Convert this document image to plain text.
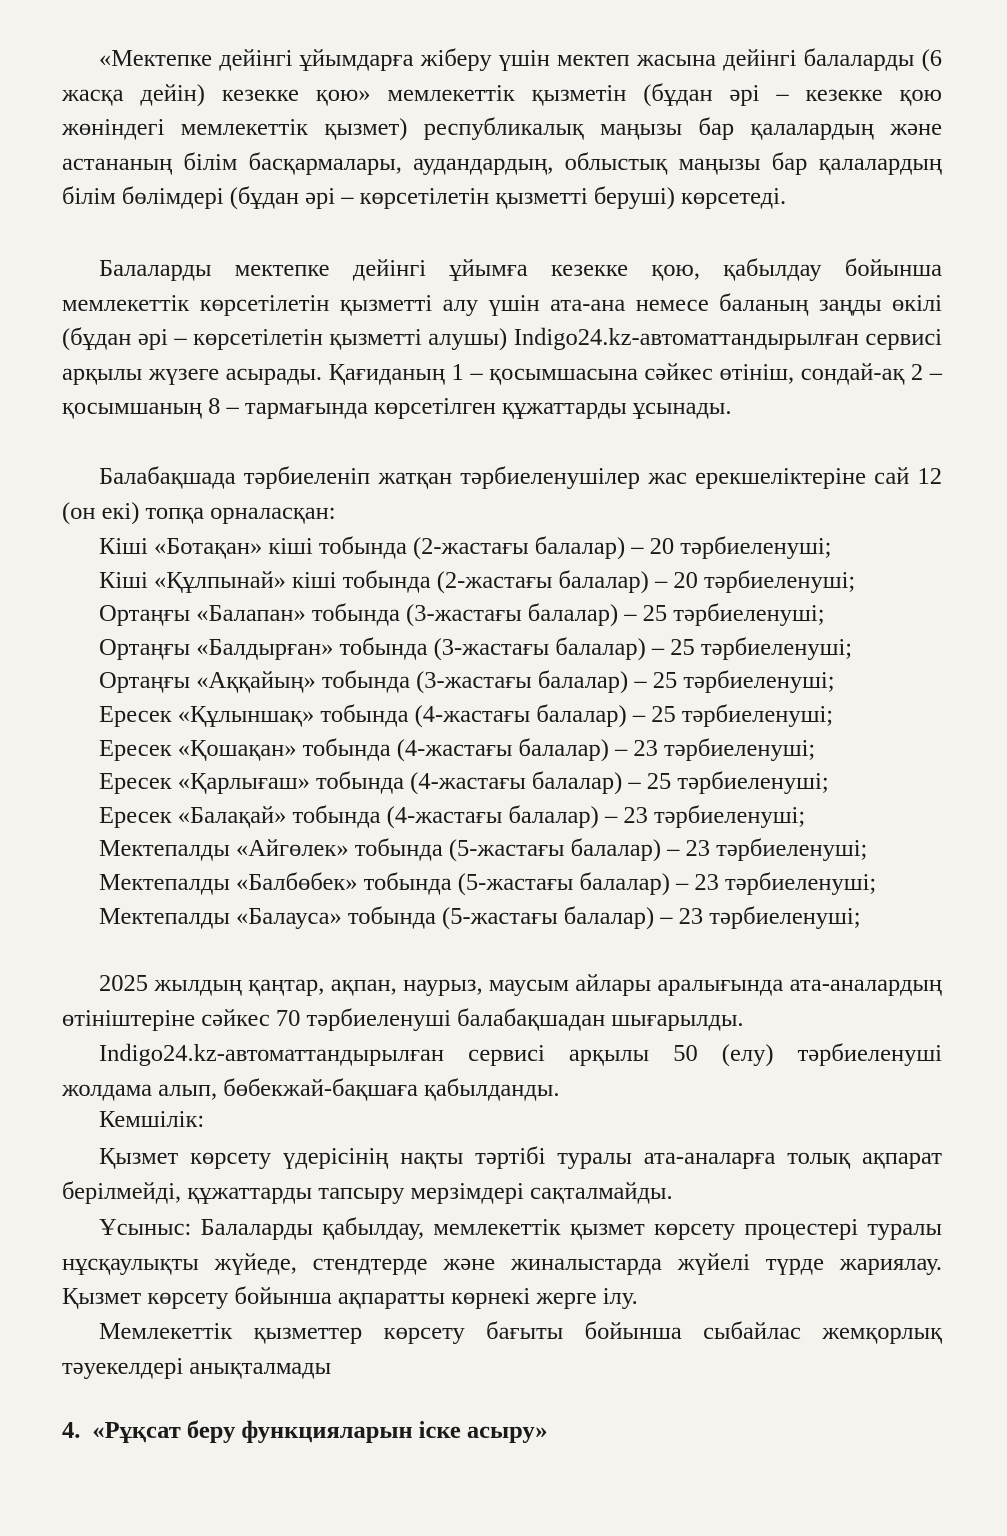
«Мектепке дейінгі ұйымдарға жіберу үшін мектеп жасына дейінгі балаларды (6 жасқа дейін) кезекке қою» мемлекеттік қызметін (бұдан әрі – кезекке қою жөніндегі мемлекеттік қызмет) республикалық маңызы бар қалалардың және астананың білім басқармалары, аудандардың, облыстық маңызы бар қалалардың білім бөлімдері (бұдан әрі – көрсетілетін қызметті беруші) көрсетеді.

Балаларды мектепке дейінгі ұйымға кезекке қою, қабылдау бойынша мемлекеттік көрсетілетін қызметті алу үшін ата-ана немесе баланың заңды өкілі (бұдан әрі – көрсетілетін қызметті алушы) Indigo24.kz-автоматтандырылған сервисі арқылы жүзеге асырады. Қағиданың 1 – қосымшасына сәйкес өтініш, сондай-ақ 2 – қосымшаның 8 – тармағында көрсетілген құжаттарды ұсынады.

Балабақшада тәрбиеленіп жатқан тәрбиеленушілер жас ерекшеліктеріне сай 12 (он екі) топқа орналасқан:

Кіші «Ботақан» кіші тобында (2-жастағы балалар) – 20 тәрбиеленуші;
Кіші «Құлпынай» кіші тобында (2-жастағы балалар) – 20 тәрбиеленуші;
Ортаңғы «Балапан» тобында (3-жастағы балалар) – 25 тәрбиеленуші;
Ортаңғы «Балдырған» тобында (3-жастағы балалар) – 25 тәрбиеленуші;
Ортаңғы «Аққайың» тобында (3-жастағы балалар) – 25 тәрбиеленуші;
Ересек «Құлыншақ» тобында (4-жастағы балалар) – 25 тәрбиеленуші;
Ересек «Қошақан» тобында (4-жастағы балалар) – 23 тәрбиеленуші;
Ересек «Қарлығаш» тобында (4-жастағы балалар) – 25 тәрбиеленуші;
Ересек «Балақай» тобында (4-жастағы балалар) – 23 тәрбиеленуші;
Мектепалды «Айгөлек» тобында (5-жастағы балалар) – 23 тәрбиеленуші;
Мектепалды «Балбөбек» тобында (5-жастағы балалар) – 23 тәрбиеленуші;
Мектепалды «Балауса» тобында (5-жастағы балалар) – 23 тәрбиеленуші;

2025 жылдың қаңтар, ақпан, наурыз, маусым айлары аралығында ата-аналардың өтініштеріне сәйкес 70 тәрбиеленуші балабақшадан шығарылды.

Indigo24.kz-автоматтандырылған сервисі арқылы 50 (елу) тәрбиеленуші жолдама алып, бөбекжай-бақшаға қабылданды.

Кемшілік:

Қызмет көрсету үдерісінің нақты тәртібі туралы ата-аналарға толық ақпарат берілмейді, құжаттарды тапсыру мерзімдері сақталмайды.

Ұсыныс: Балаларды қабылдау, мемлекеттік қызмет көрсету процестері туралы нұсқаулықты жүйеде, стендтерде және жиналыстарда жүйелі түрде жариялау. Қызмет көрсету бойынша ақпаратты көрнекі жерге ілу.

Мемлекеттік қызметтер көрсету бағыты бойынша сыбайлас жемқорлық тәуекелдері анықталмады

4. «Рұқсат беру функцияларын іске асыру»
